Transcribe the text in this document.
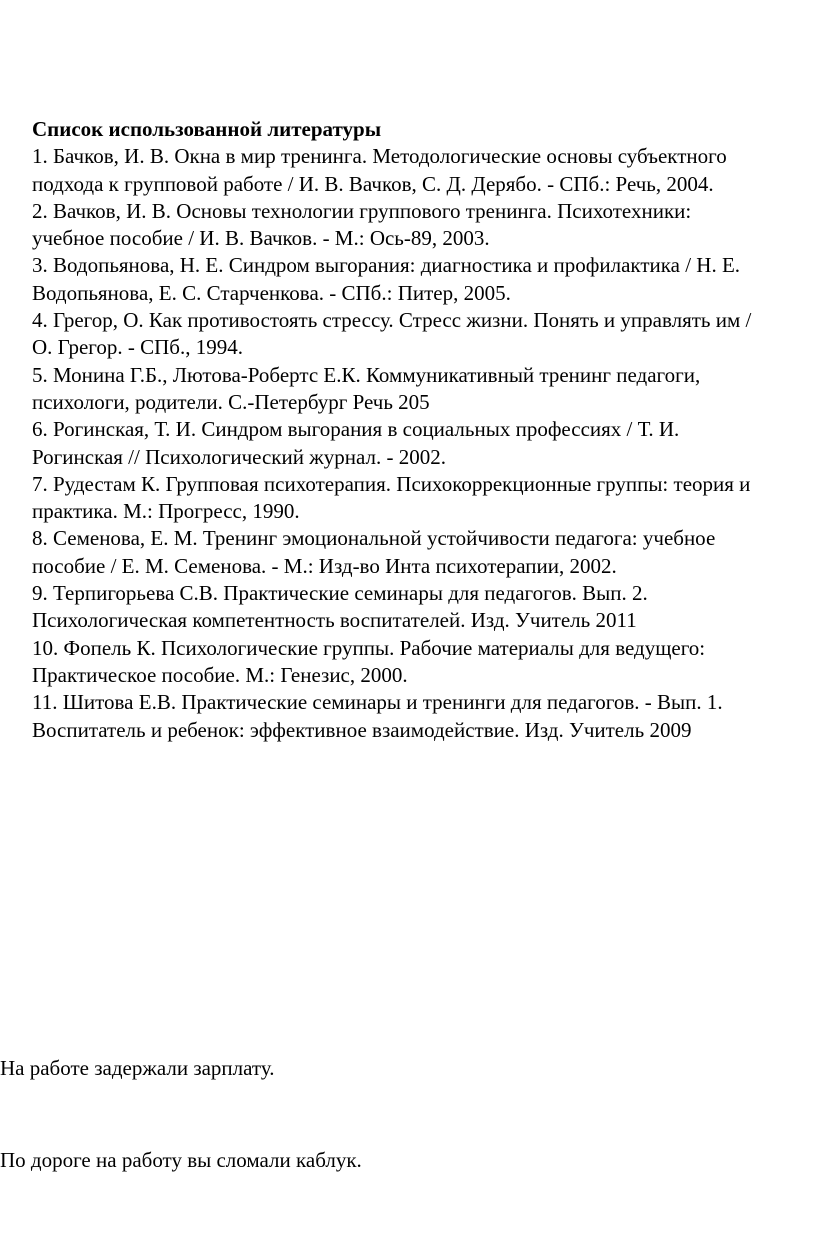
Список использованной литературы
1. Бачков, И. В. Окна в мир тренинга. Методологические основы субъектного
подхода к групповой работе / И. В. Вачков, С. Д. Дерябо. - СПб.: Речь, 2004.
2. Вачков, И. В. Основы технологии группового тренинга. Психотехники:
учебное пособие / И. В. Вачков. - М.: Ось-89, 2003.
3. Водопьянова, Н. Е. Синдром выгорания: диагностика и профилактика / Н. Е.
Водопьянова, Е. С. Старченкова. - СПб.: Питер, 2005.
4. Грегор, О. Как противостоять стрессу. Стресс жизни. Понять и управлять им /
О. Грегор. - СПб., 1994.
5. Монина Г.Б., Лютова-Робертс Е.К. Коммуникативный тренинг педагоги,
психологи, родители. С.-Петербург Речь 205
6. Рогинская, Т. И. Синдром выгорания в социальных профессиях / Т. И.
Рогинская // Психологический журнал. - 2002.
7. Рудестам К. Групповая психотерапия. Психокоррекционные группы: теория и
практика. М.: Прогресс, 1990.
8. Семенова, Е. М. Тренинг эмоциональной устойчивости педагога: учебное
пособие / Е. М. Семенова. - М.: Изд-во Инта психотерапии, 2002.
9. Терпигорьева С.В. Практические семинары для педагогов. Вып. 2.
Психологическая компетентность воспитателей. Изд. Учитель 2011
10. Фопель К. Психологические группы. Рабочие материалы для ведущего:
Практическое пособие. М.: Генезис, 2000.
11. Шитова Е.В. Практические семинары и тренинги для педагогов. - Вып. 1.
Воспитатель и ребенок: эффективное взаимодействие. Изд. Учитель 2009
На работе задержали зарплату.
По дороге на работу вы сломали каблук.
